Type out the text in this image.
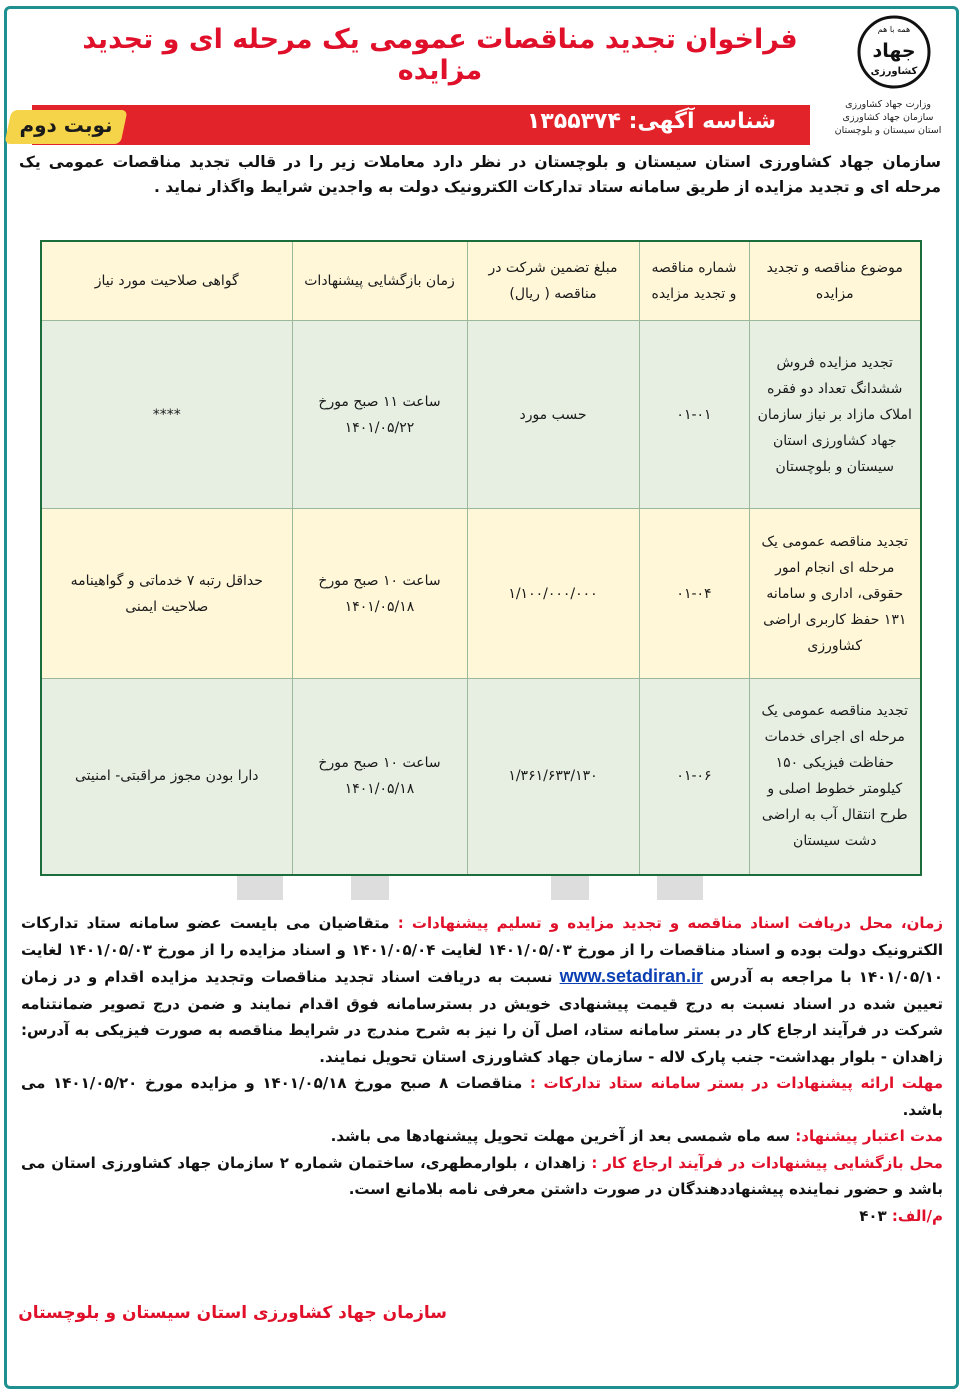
فراخوان تجدید مناقصات عمومی یک مرحله ای و تجدید مزایده
همه با هم
جهاد
کشاورزی
وزارت جهاد کشاورزی
سازمان جهاد کشاورزی
استان سیستان و بلوچستان
شناسه آگهی: ۱۳۵۵۳۷۴
نوبت دوم
سازمان جهاد کشاورزی استان سیستان و بلوچستان در نظر دارد معاملات زیر را در قالب تجدید مناقصات عمومی یک مرحله ای و تجدید مزایده از طریق سامانه ستاد تدارکات الکترونیک دولت به واجدین شرایط واگذار نماید .
موضوع مناقصه و تجدید مزایده	شماره مناقصه و تجدید مزایده	مبلغ تضمین شرکت در مناقصه ( ریال)	زمان بازگشایی پیشنهادات	گواهی صلاحیت مورد نیاز
تجدید مزایده فروش ششدانگ تعداد دو فقره املاک مازاد بر نیاز سازمان جهاد کشاورزی استان سیستان و بلوچستان	۰۱-۰۱	حسب مورد	ساعت ۱۱ صبح مورخ ۱۴۰۱/۰۵/۲۲	****
تجدید مناقصه عمومی یک مرحله ای انجام امور حقوقی، اداری و سامانه ۱۳۱ حفظ کاربری اراضی کشاورزی	۰۱-۰۴	۱/۱۰۰/۰۰۰/۰۰۰	ساعت ۱۰ صبح مورخ ۱۴۰۱/۰۵/۱۸	حداقل رتبه ۷ خدماتی و گواهینامه صلاحیت ایمنی
تجدید مناقصه عمومی یک مرحله ای اجرای خدمات حفاظت فیزیکی ۱۵۰ کیلومتر خطوط اصلی و طرح انتقال آب به اراضی دشت سیستان	۰۱-۰۶	۱/۳۶۱/۶۳۳/۱۳۰	ساعت ۱۰ صبح مورخ ۱۴۰۱/۰۵/۱۸	دارا بودن مجوز مراقبتی- امنیتی
زمان، محل دریافت اسناد مناقصه و تجدید مزایده و تسلیم پیشنهادات : متقاضیان می بایست عضو سامانه ستاد تدارکات الکترونیک دولت بوده و اسناد مناقصات را از مورخ ۱۴۰۱/۰۵/۰۳ لغایت ۱۴۰۱/۰۵/۰۴ و اسناد مزایده را از مورخ ۱۴۰۱/۰۵/۰۳ لغایت ۱۴۰۱/۰۵/۱۰ با مراجعه به آدرس www.setadiran.ir نسبت به دریافت اسناد تجدید مناقصات وتجدید مزایده اقدام و در زمان تعیین شده در اسناد نسبت به درج قیمت پیشنهادی خویش در بسترسامانه فوق اقدام نمایند و ضمن درج تصویر ضمانتنامه شرکت در فرآیند ارجاع کار در بستر سامانه ستاد، اصل آن را نیز به شرح مندرج در شرایط مناقصه به صورت فیزیکی به آدرس: زاهدان - بلوار بهداشت- جنب پارک لاله - سازمان جهاد کشاورزی استان تحویل نمایند.
مهلت ارائه پیشنهادات در بستر سامانه ستاد تدارکات : مناقصات ۸ صبح مورخ ۱۴۰۱/۰۵/۱۸ و مزایده مورخ ۱۴۰۱/۰۵/۲۰ می باشد.
مدت اعتبار پیشنهاد: سه ماه شمسی بعد از آخرین مهلت تحویل پیشنهادها می باشد.
محل بازگشایی پیشنهادات در فرآیند ارجاع کار : زاهدان ، بلوارمطهری، ساختمان شماره ۲ سازمان جهاد کشاورزی استان می باشد و حضور نماینده پیشنهاددهندگان در صورت داشتن معرفی نامه بلامانع است.
م/الف: ۴۰۳
سازمان جهاد کشاورزی استان سیستان و بلوچستان
